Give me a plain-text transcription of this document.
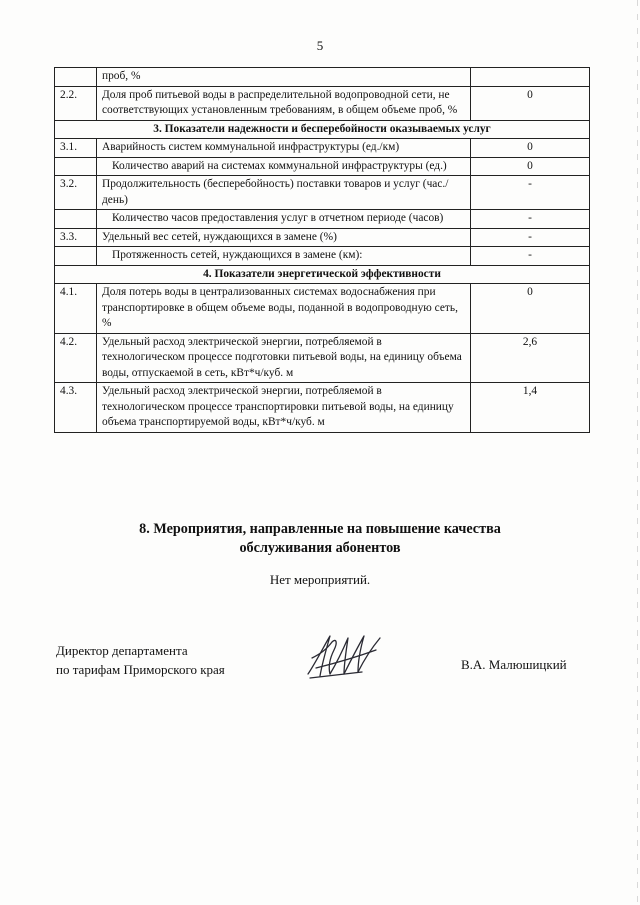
5
	проб, %	
2.2.	Доля проб питьевой воды в распределительной водопроводной сети, не соответствующих установленным требованиям, в общем объеме проб, %	0
3. Показатели надежности и бесперебойности оказываемых услуг		
3.1.	Аварийность систем коммунальной инфраструктуры (ед./км)	0
	Количество аварий на системах коммунальной инфраструктуры (ед.)	0
3.2.	Продолжительность (бесперебойность) поставки товаров и услуг (час./день)	-
	Количество часов предоставления услуг в отчетном периоде (часов)	-
3.3.	Удельный вес сетей, нуждающихся в замене (%)	-
	Протяженность сетей, нуждающихся в замене (км):	-
4. Показатели энергетической эффективности		
4.1.	Доля потерь воды в централизованных системах водоснабжения при транспортировке в общем объеме воды, поданной в водопроводную сеть, %	0
4.2.	Удельный расход электрической энергии, потребляемой в технологическом процессе подготовки питьевой воды, на единицу объема воды, отпускаемой в сеть, кВт*ч/куб. м	2,6
4.3.	Удельный расход электрической энергии, потребляемой в технологическом процессе транспортировки питьевой воды, на единицу объема транспортируемой воды, кВт*ч/куб. м	1,4
8. Мероприятия, направленные на повышение качества
обслуживания абонентов
Нет мероприятий.
Директор департамента
по тарифам Приморского края	В.А. Малюшицкий
